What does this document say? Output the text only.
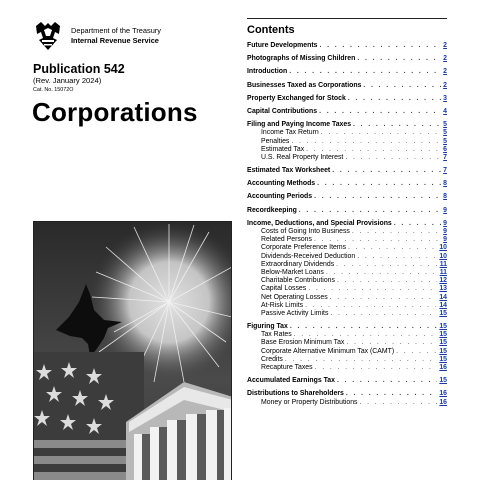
Department of the Treasury
Internal Revenue Service
Publication 542
(Rev. January 2024)
Cat. No. 15072O
Corporations
Contents
Future Developments . . .	2
Photographs of Missing Children . . .	2
Introduction . . .	2
Businesses Taxed as Corporations . . .	2
Property Exchanged for Stock . . .	3
Capital Contributions . . .	4
Filing and Paying Income Taxes . . .	5
Income Tax Return . . .	5
Penalties . . .	5
Estimated Tax . . .	6
U.S. Real Property Interest . . .	7
Estimated Tax Worksheet . . .	7
Accounting Methods . . .	8
Accounting Periods . . .	8
Recordkeeping . . .	9
Income, Deductions, and Special Provisions . . .	9
Costs of Going Into Business . . .	9
Related Persons . . .	9
Corporate Preference Items . . .	10
Dividends-Received Deduction . . .	10
Extraordinary Dividends . . .	11
Below-Market Loans . . .	11
Charitable Contributions . . .	12
Capital Losses . . .	13
Net Operating Losses . . .	14
At-Risk Limits . . .	14
Passive Activity Limits . . .	15
Figuring Tax . . .	15
Tax Rates . . .	15
Base Erosion Minimum Tax . . .	15
Corporate Alternative Minimum Tax (CAMT) . . .	15
Credits . . .	15
Recapture Taxes . . .	16
Accumulated Earnings Tax . . .	15
Distributions to Shareholders . . .	16
Money or Property Distributions . . .	16
